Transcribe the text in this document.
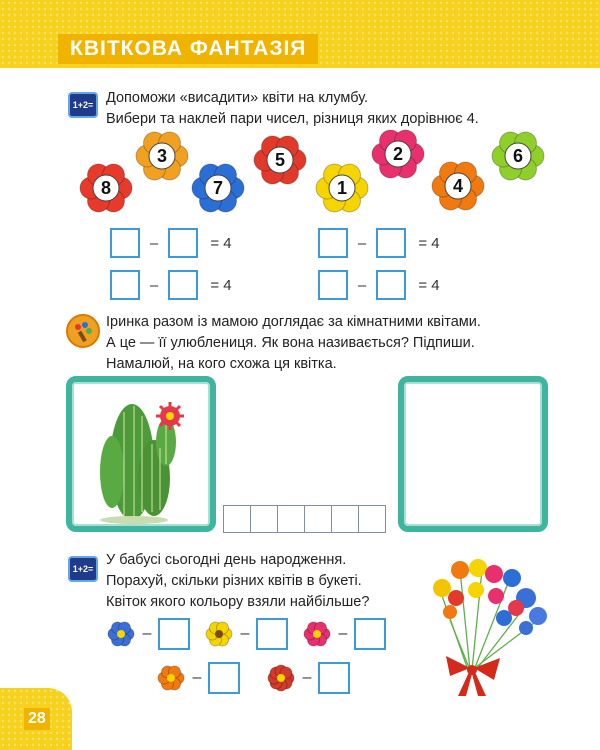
КВІТКОВА ФАНТАЗІЯ
1+2= Допоможи «висадити» квіти на клумбу.
Вибери та наклей пари чисел, різниця яких дорівнює 4.
8
3
7
5
1
2
4
6
–	= 4	–	= 4
–	= 4	–	= 4
Іринка разом із мамою доглядає за кімнатними квітами.
А це — її улюблениця. Як вона називається? Підпиши.
Намалюй, на кого схожа ця квітка.
1+2=
У бабусі сьогодні день народження.
Порахуй, скільки різних квітів в букеті.
Квіток якого кольору взяли найбільше?
–	–	–
–	–
28
